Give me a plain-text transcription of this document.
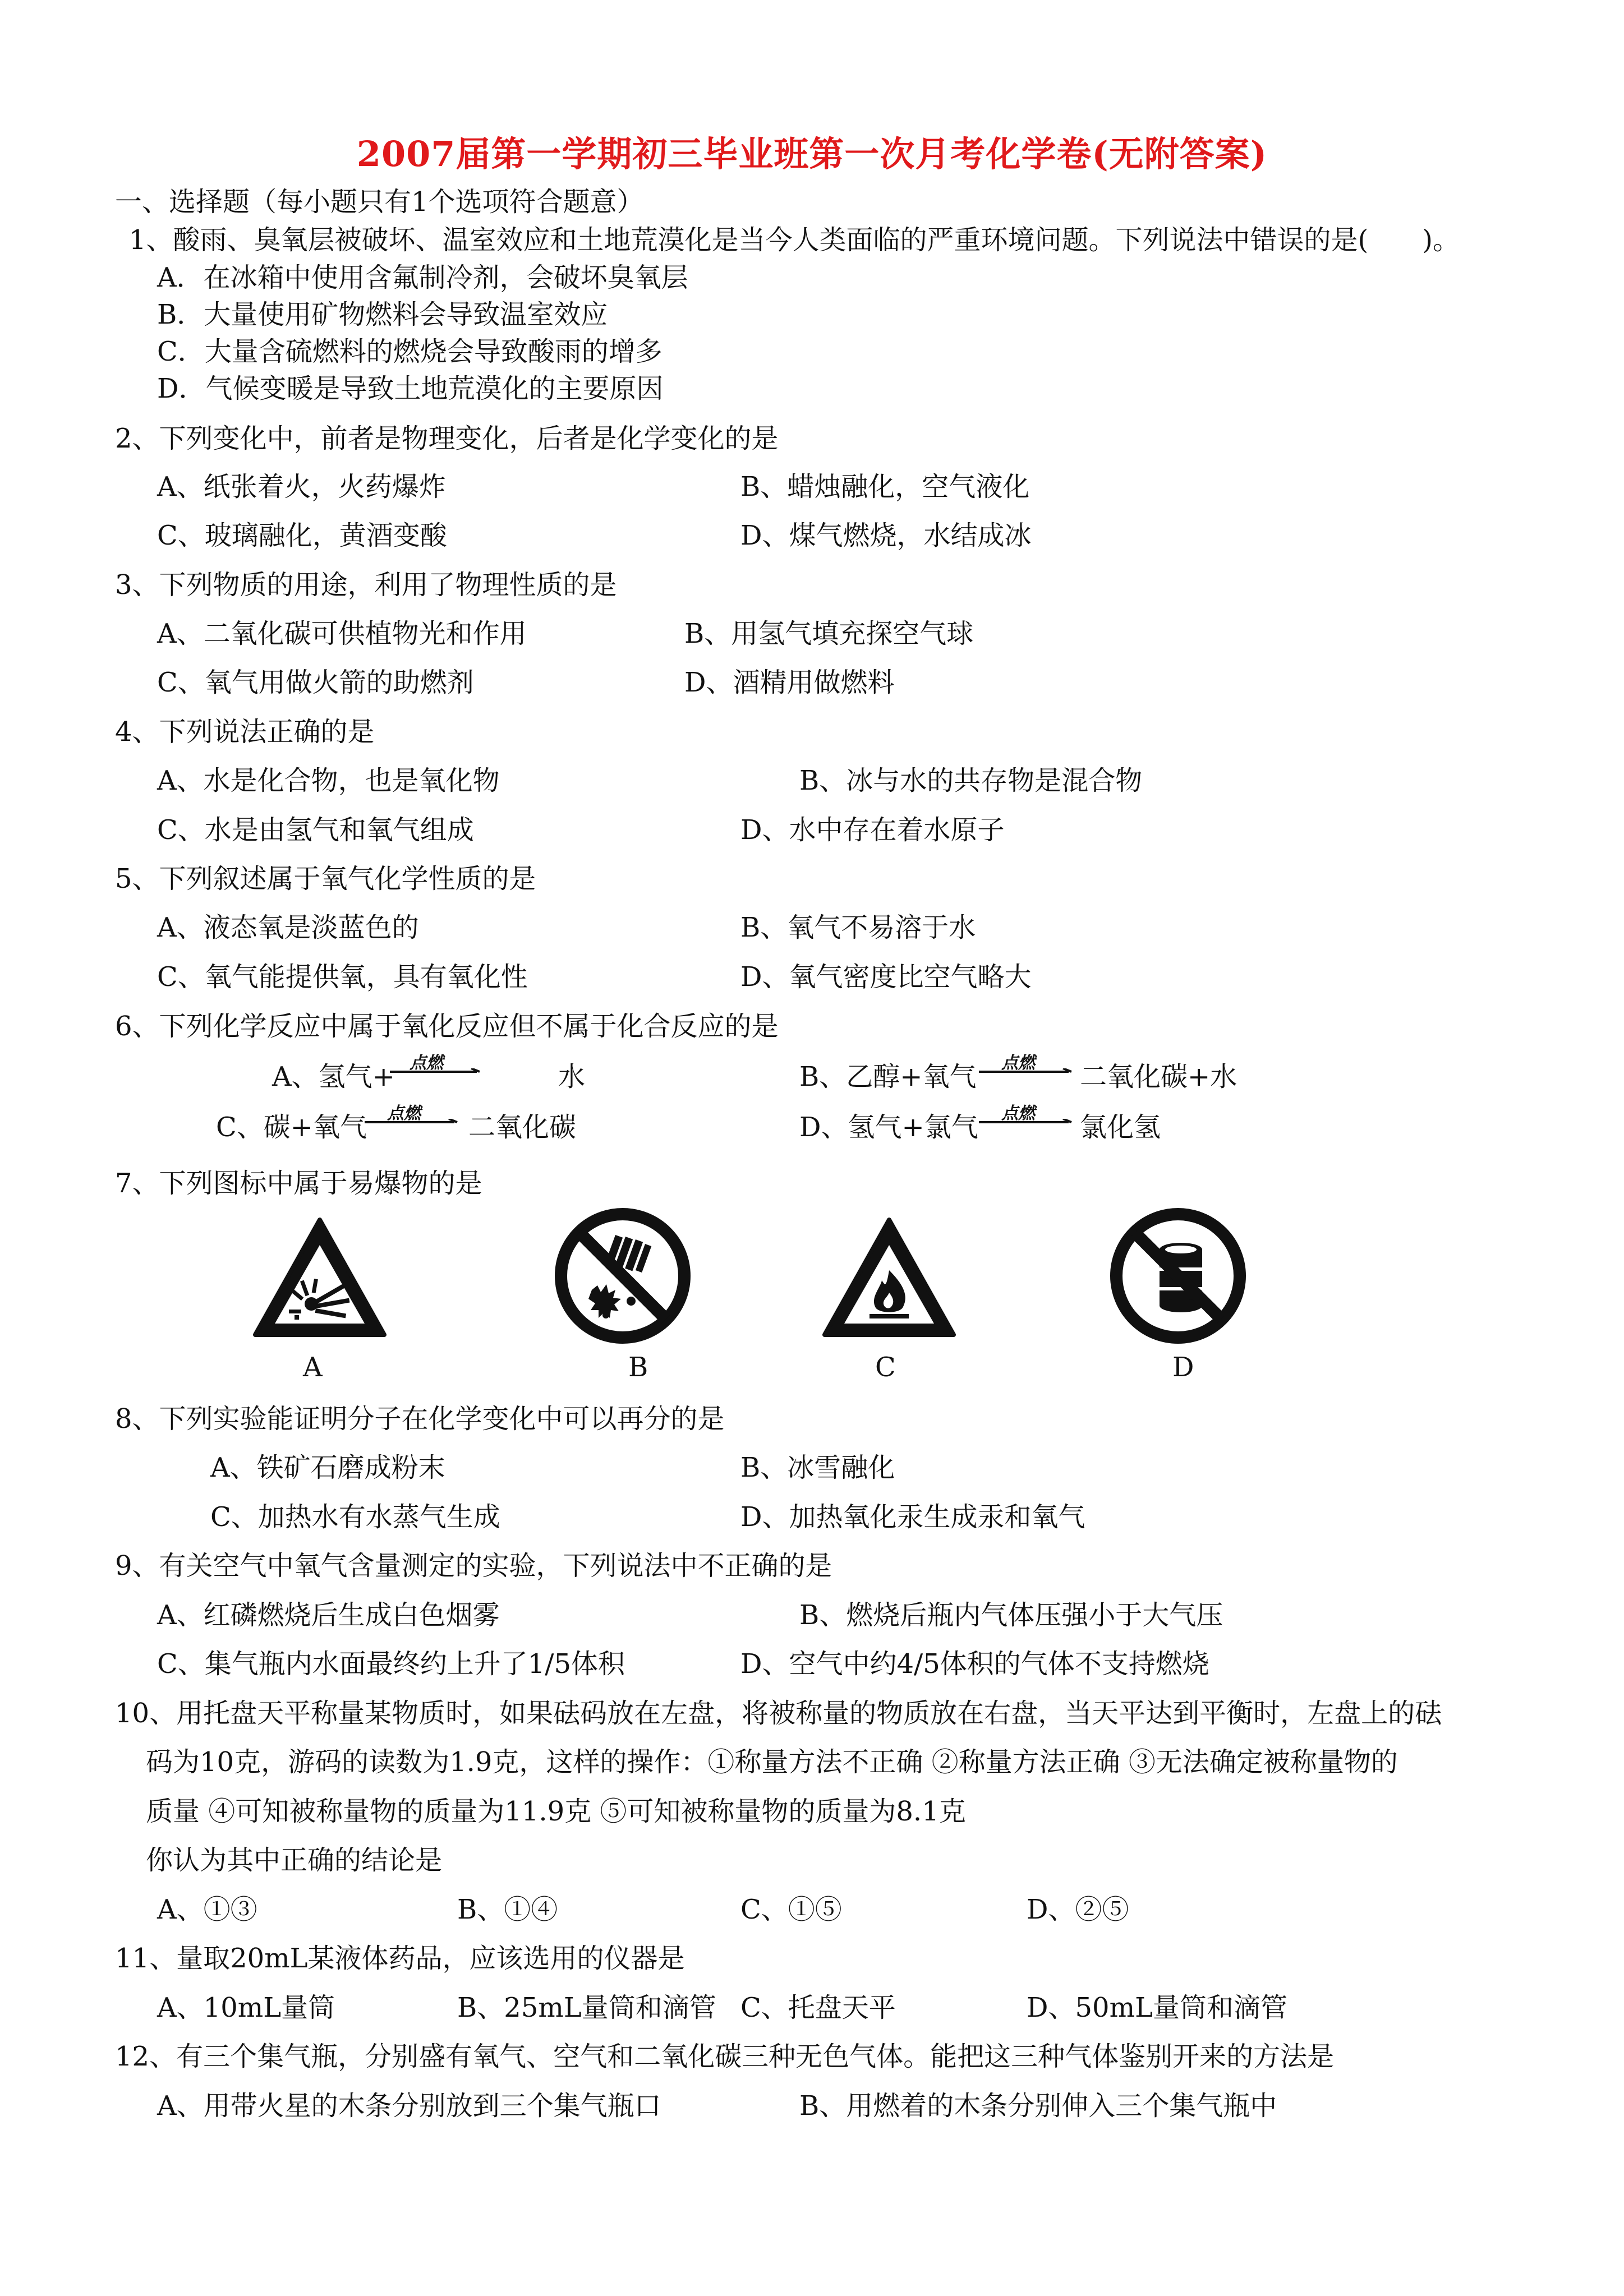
2007届第一学期初三毕业班第一次月考化学卷(无附答案)
一、选择题（每小题只有1个选项符合题意）
1、酸雨、臭氧层被破坏、温室效应和土地荒漠化是当今人类面临的严重环境问题。下列说法中错误的是(　　)。
A．在冰箱中使用含氟制冷剂，会破坏臭氧层
B．大量使用矿物燃料会导致温室效应
C．大量含硫燃料的燃烧会导致酸雨的增多
D．气候变暖是导致土地荒漠化的主要原因
2、下列变化中，前者是物理变化，后者是化学变化的是
A、纸张着火，火药爆炸	B、蜡烛融化，空气液化
C、玻璃融化，黄酒变酸	D、煤气燃烧，水结成冰
3、下列物质的用途，利用了物理性质的是
A、二氧化碳可供植物光和作用	B、用氢气填充探空气球
C、氧气用做火箭的助燃剂	D、酒精用做燃料
4、下列说法正确的是
A、水是化合物，也是氧化物	B、冰与水的共存物是混合物
C、水是由氢气和氧气组成	D、水中存在着水原子
5、下列叙述属于氧气化学性质的是
A、液态氧是淡蓝色的	B、氧气不易溶于水
C、氧气能提供氧，具有氧化性	D、氧气密度比空气略大
6、下列化学反应中属于氧化反应但不属于化合反应的是
A、氢气+ 点燃	水	B、乙醇+氧气 点燃 二氧化碳+水
C、碳+氧气 点燃 二氧化碳	D、氢气+氯气 点燃 氯化氢
7、下列图标中属于易爆物的是
A	B	C	D
8、下列实验能证明分子在化学变化中可以再分的是
A、铁矿石磨成粉末	B、冰雪融化
C、加热水有水蒸气生成	D、加热氧化汞生成汞和氧气
9、有关空气中氧气含量测定的实验，下列说法中不正确的是
A、红磷燃烧后生成白色烟雾	B、燃烧后瓶内气体压强小于大气压
C、集气瓶内水面最终约上升了1/5体积	D、空气中约4/5体积的气体不支持燃烧
10、用托盘天平称量某物质时，如果砝码放在左盘，将被称量的物质放在右盘，当天平达到平衡时，左盘上的砝
码为10克，游码的读数为1.9克，这样的操作：①称量方法不正确 ②称量方法正确 ③无法确定被称量物的
质量 ④可知被称量物的质量为11.9克 ⑤可知被称量物的质量为8.1克
你认为其中正确的结论是
A、①③	B、①④	C、①⑤	D、②⑤
11、量取20mL某液体药品，应该选用的仪器是
A、10mL量筒	B、25mL量筒和滴管 C、托盘天平	D、50mL量筒和滴管
12、有三个集气瓶，分别盛有氧气、空气和二氧化碳三种无色气体。能把这三种气体鉴别开来的方法是
A、用带火星的木条分别放到三个集气瓶口	B、用燃着的木条分别伸入三个集气瓶中
